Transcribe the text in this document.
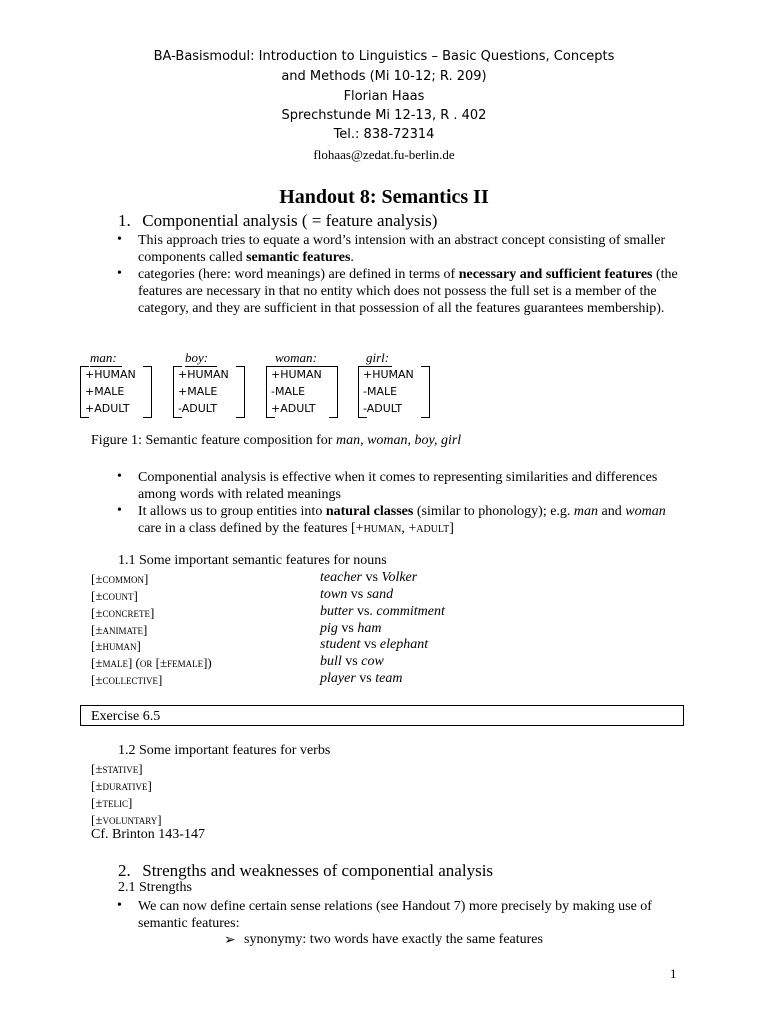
BA-Basismodul: Introduction to Linguistics – Basic Questions, Concepts
and Methods (Mi 10-12; R. 209)
Florian Haas
Sprechstunde Mi 12-13, R . 402
Tel.: 838-72314
flohaas@zedat.fu-berlin.de
Handout 8: Semantics II
1. Componential analysis ( = feature analysis)
• This approach tries to equate a word’s intension with an abstract concept consisting of smaller components called semantic features.
• categories (here: word meanings) are defined in terms of necessary and sufficient features (the features are necessary in that no entity which does not possess the full set is a member of the category, and they are sufficient in that possession of all the features guarantees membership).
man:
+HUMAN
+MALE
+ADULT
boy:
+HUMAN
+MALE
-ADULT
woman:
+HUMAN
-MALE
+ADULT
girl:
+HUMAN
-MALE
-ADULT
Figure 1: Semantic feature composition for man, woman, boy, girl
• Componential analysis is effective when it comes to representing similarities and differences among words with related meanings
• It allows us to group entities into natural classes (similar to phonology); e.g. man and woman care in a class defined by the features [+human, +adult]
1.1 Some important semantic features for nouns
[±common]	teacher vs Volker
[±count]	town vs sand
[±concrete]	butter vs. commitment
[±animate]	pig vs ham
[±human]	student vs elephant
[±male] (or [±female])	bull vs cow
[±collective]	player vs team
Exercise 6.5
1.2 Some important features for verbs
[±stative]
[±durative]
[±telic]
[±voluntary]
Cf. Brinton 143-147
2. Strengths and weaknesses of componential analysis
2.1 Strengths
• We can now define certain sense relations (see Handout 7) more precisely by making use of semantic features:
➢ synonymy: two words have exactly the same features
1
